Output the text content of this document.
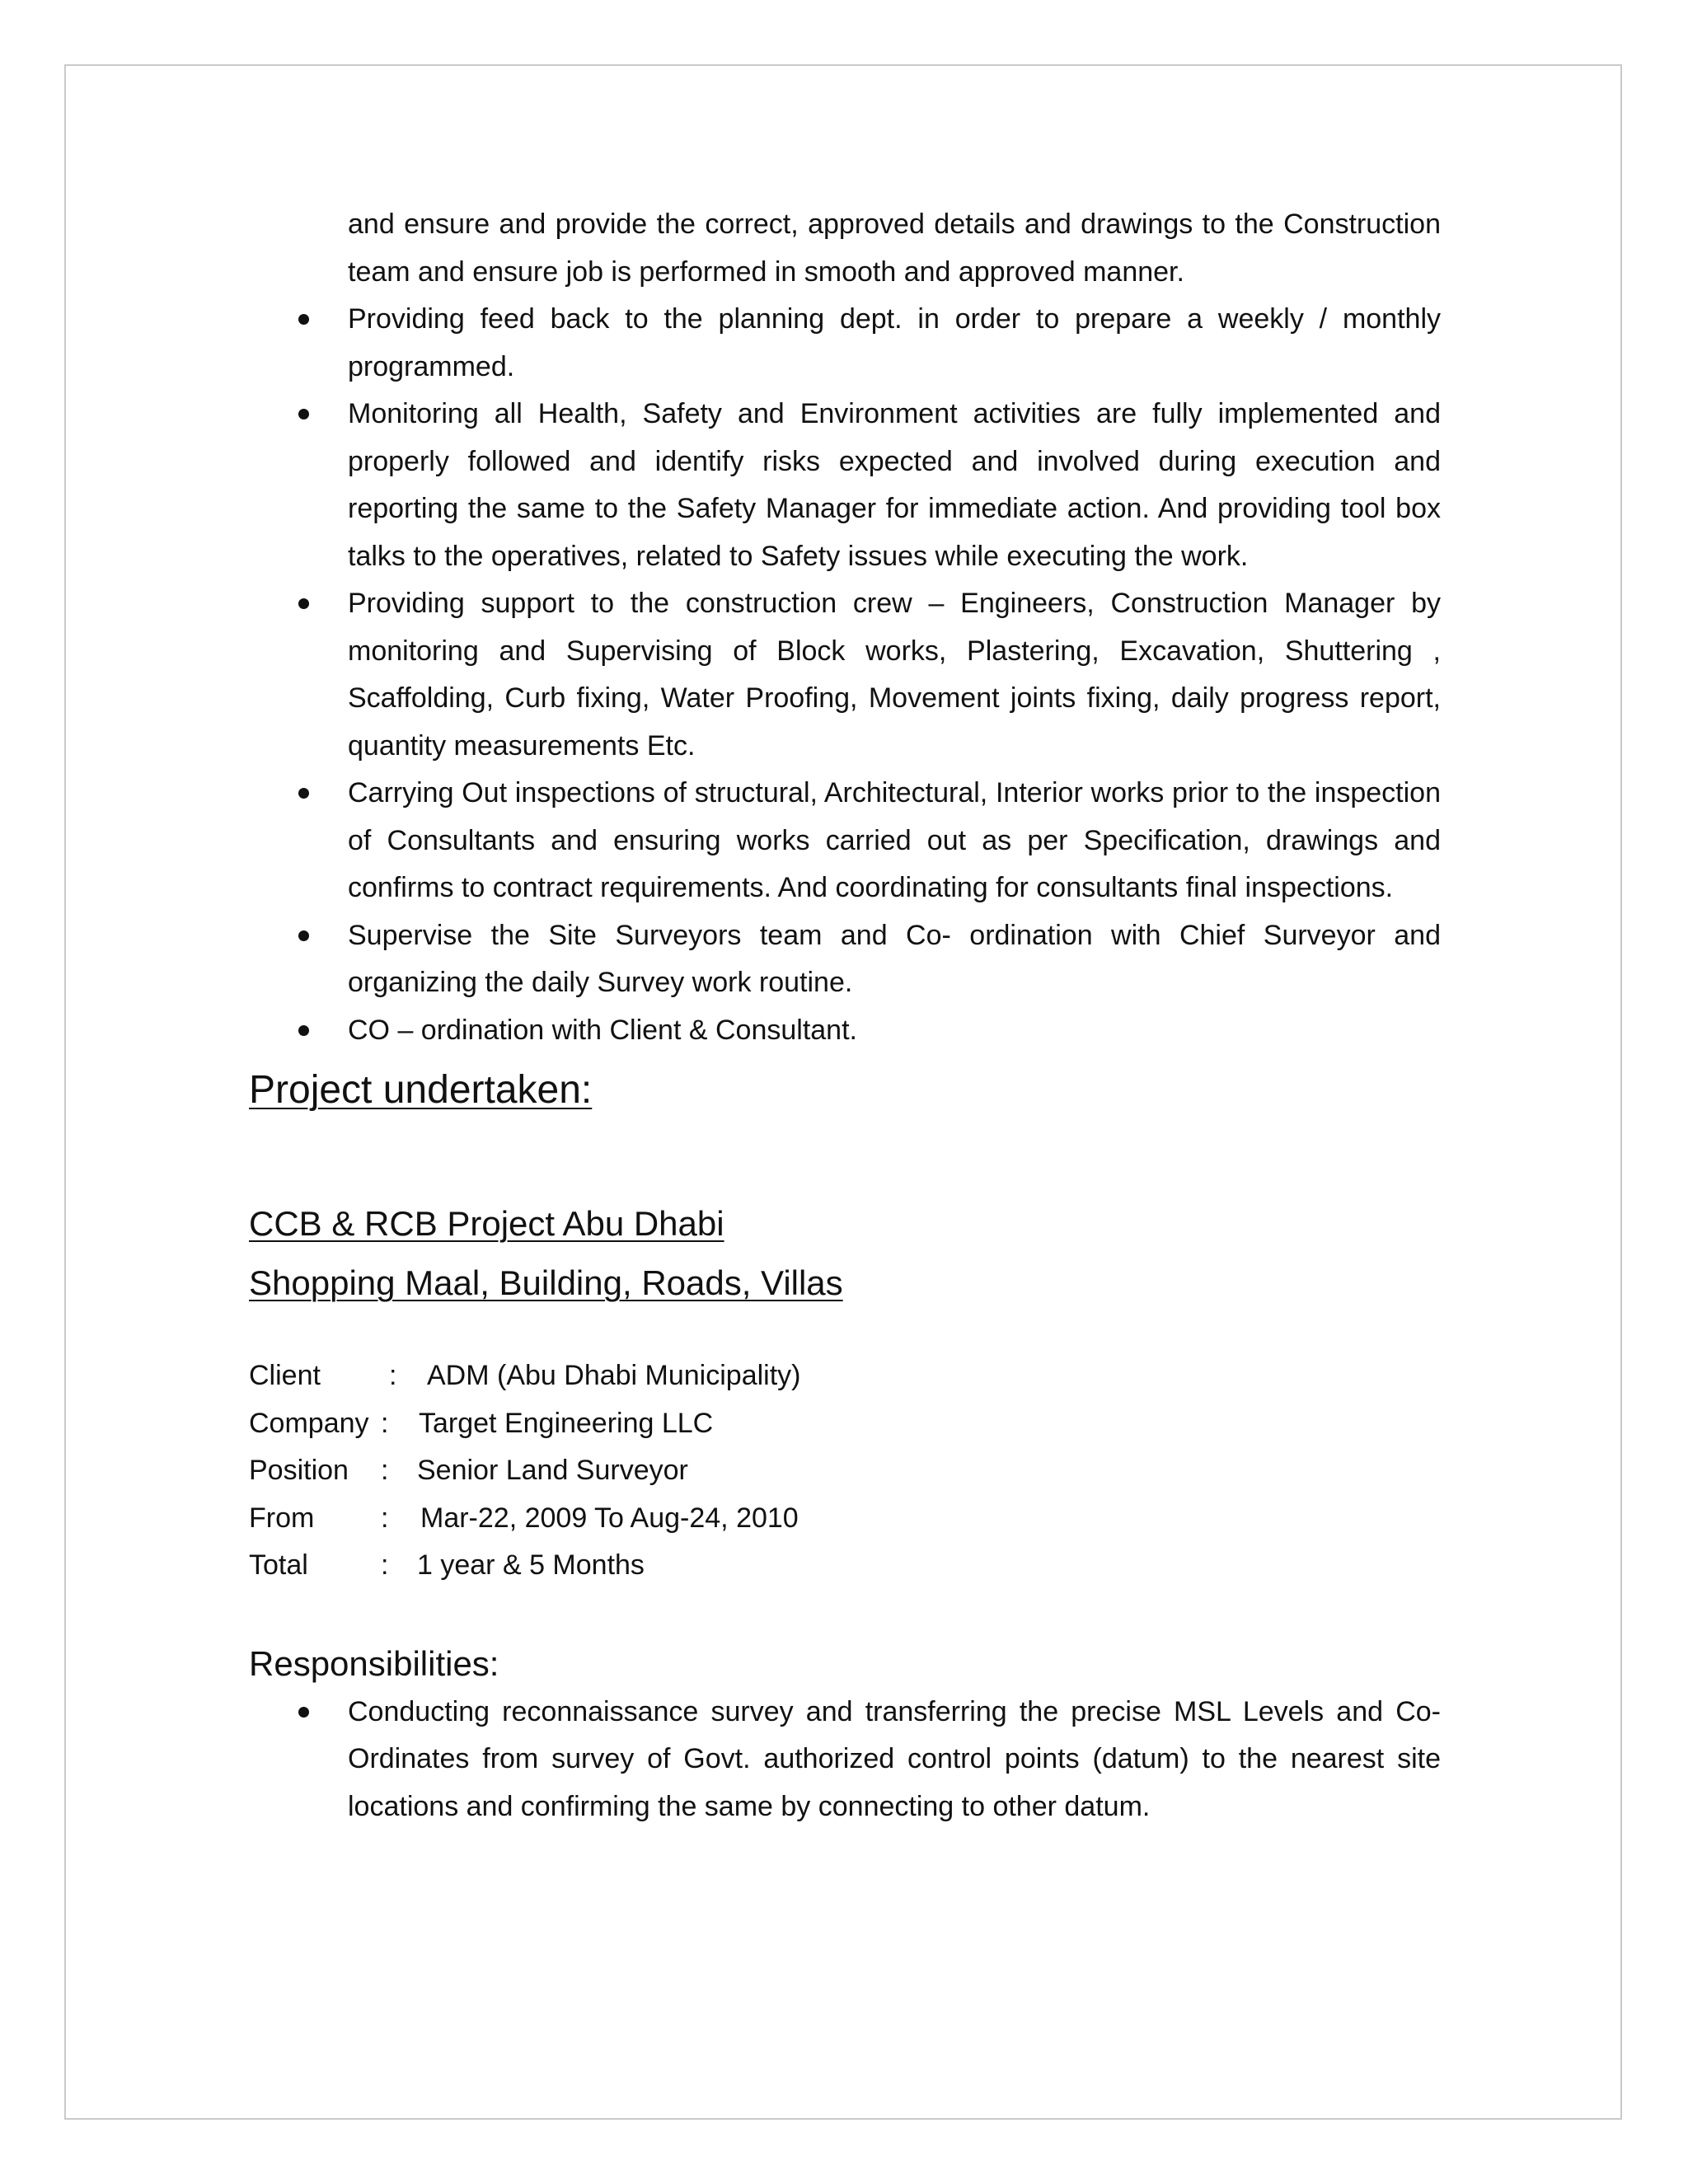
and ensure and provide the correct, approved details and drawings to the Construction team and ensure job is performed in smooth and approved manner.

Providing feed back to the planning dept. in order to prepare a weekly / monthly programmed.
Monitoring all Health, Safety and Environment activities are fully implemented and properly followed and identify risks expected and involved during execution and reporting the same to the Safety Manager for immediate action. And providing tool box talks to the operatives, related to Safety issues while executing the work.
Providing support to the construction crew – Engineers, Construction Manager by monitoring and Supervising of Block works, Plastering, Excavation, Shuttering , Scaffolding, Curb fixing, Water Proofing, Movement joints fixing, daily progress report, quantity measurements Etc.
Carrying Out inspections of structural, Architectural, Interior works prior to the inspection of Consultants and ensuring works carried out as per Specification, drawings and confirms to contract requirements. And coordinating for consultants final inspections.
Supervise the Site Surveyors team and Co- ordination with Chief Surveyor and organizing the daily Survey work routine.
CO – ordination with Client & Consultant.
Project undertaken:
CCB & RCB Project Abu Dhabi
Shopping Maal, Building, Roads, Villas
Client : ADM (Abu Dhabi Municipality)
Company : Target Engineering LLC
Position : Senior Land Surveyor
From : Mar-22, 2009 To Aug-24, 2010
Total	: 1 year & 5 Months
Responsibilities:
Conducting reconnaissance survey and transferring the precise MSL Levels and Co-Ordinates from survey of Govt. authorized control points (datum) to the nearest site locations and confirming the same by connecting to other datum.
